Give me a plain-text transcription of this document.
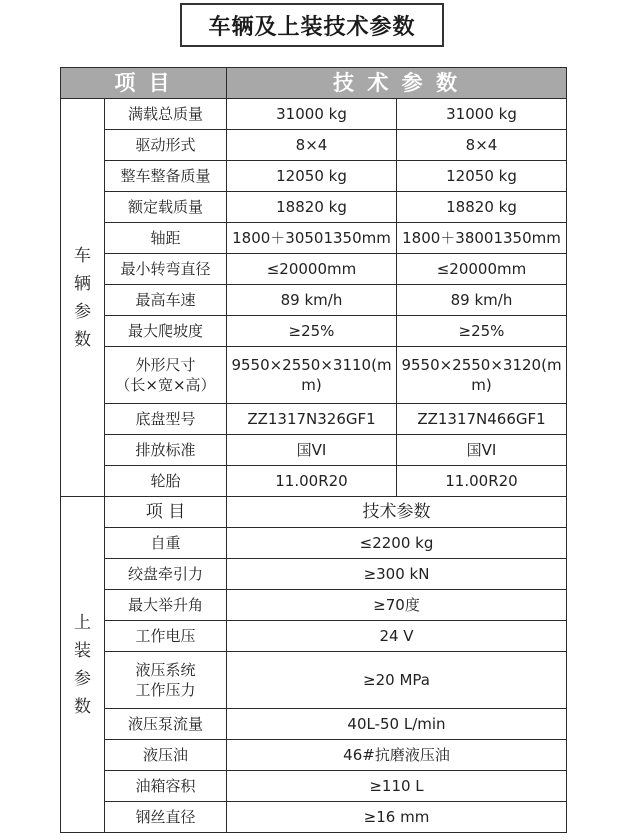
车辆及上装技术参数
项 目		技 术 参 数	
车
辆
参
数	满载总质量	31000 kg	31000 kg
	驱动形式	8×4	8×4
	整车整备质量	12050 kg	12050 kg
	额定载质量	18820 kg	18820 kg
	轴距	1800＋30501350mm	1800＋38001350mm
	最小转弯直径	≤20000mm	≤20000mm
	最高车速	89 km/h	89 km/h
	最大爬坡度	≥25%	≥25%
	外形尺寸
（长×宽×高）	9550×2550×3110(mm)	9550×2550×3120(mm)
	底盘型号	ZZ1317N326GF1	ZZ1317N466GF1
	排放标准	国VI	国VI
	轮胎	11.00R20	11.00R20
上
装
参
数	项 目	技术参数	
	自重	≤2200 kg	
	绞盘牵引力	≥300 kN	
	最大举升角	≥70度	
	工作电压	24 V	
	液压系统
工作压力	≥20 MPa	
	液压泵流量	40L-50 L/min	
	液压油	46#抗磨液压油	
	油箱容积	≥110 L	
	钢丝直径	≥16 mm	
